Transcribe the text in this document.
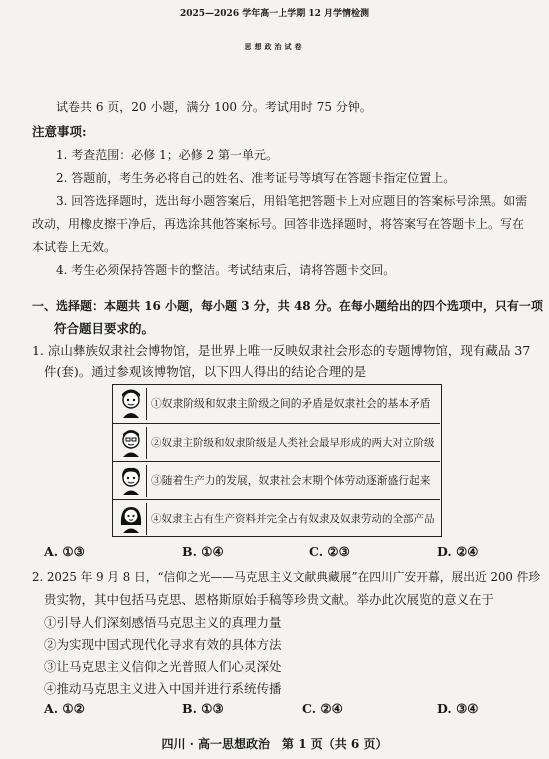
2025—2026 学年高一上学期 12 月学情检测
思想政治试卷
试卷共 6 页，20 小题，满分 100 分。考试用时 75 分钟。
注意事项:
1. 考查范围：必修 1；必修 2 第一单元。
2. 答题前，考生务必将自己的姓名、准考证号等填写在答题卡指定位置上。
3. 回答选择题时，选出每小题答案后，用铅笔把答题卡上对应题目的答案标号涂黑。如需
改动，用橡皮擦干净后，再选涂其他答案标号。回答非选择题时，将答案写在答题卡上。写在
本试卷上无效。
4. 考生必须保持答题卡的整洁。考试结束后，请将答题卡交回。
一、选择题：本题共 16 小题，每小题 3 分，共 48 分。在每小题给出的四个选项中，只有一项
符合题目要求的。
1. 凉山彝族奴隶社会博物馆，是世界上唯一反映奴隶社会形态的专题博物馆，现有藏品 37
件(套)。通过参观该博物馆，以下四人得出的结论合理的是
①奴隶阶级和奴隶主阶级之间的矛盾是奴隶社会的基本矛盾
②奴隶主阶级和奴隶阶级是人类社会最早形成的两大对立阶级
③随着生产力的发展，奴隶社会末期个体劳动逐渐盛行起来
④奴隶主占有生产资料并完全占有奴隶及奴隶劳动的全部产品
A. ①③	B. ①④	C. ②③	D. ②④
2. 2025 年 9 月 8 日，“信仰之光——马克思主义文献典藏展”在四川广安开幕，展出近 200 件珍
贵实物，其中包括马克思、恩格斯原始手稿等珍贵文献。举办此次展览的意义在于
①引导人们深刻感悟马克思主义的真理力量
②为实现中国式现代化寻求有效的具体方法
③让马克思主义信仰之光普照人们心灵深处
④推动马克思主义进入中国并进行系统传播
A. ①②	B. ①③	C. ②④	D. ③④
四川 · 高一思想政治　第 1 页（共 6 页）
